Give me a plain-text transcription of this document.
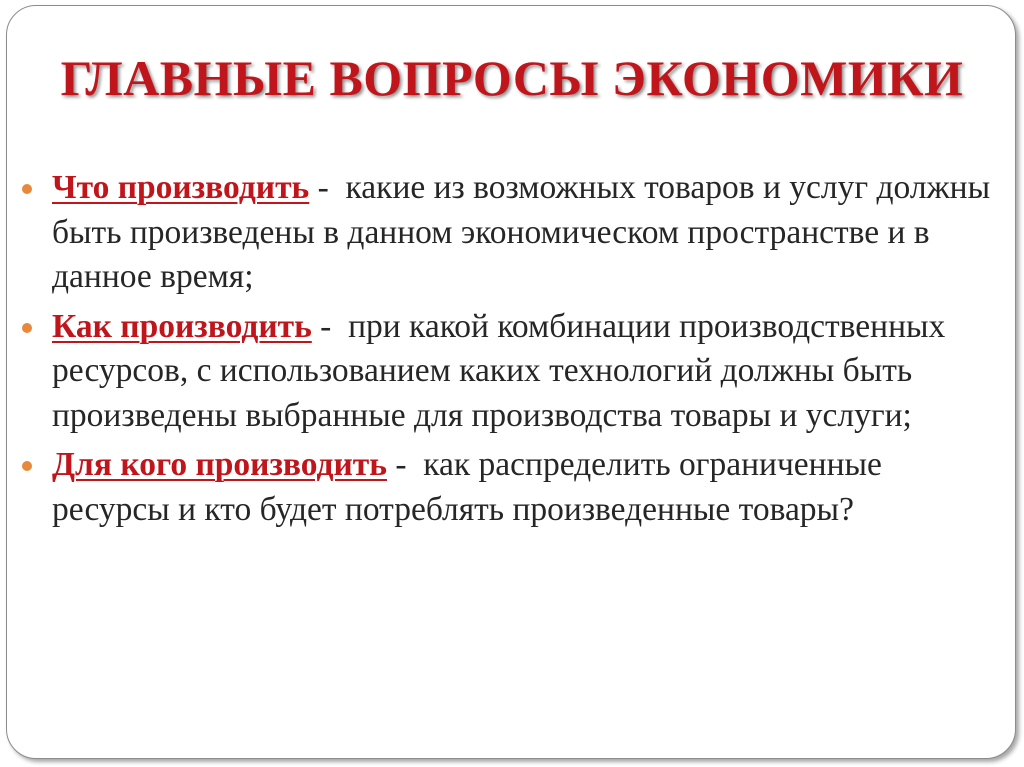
ГЛАВНЫЕ ВОПРОСЫ ЭКОНОМИКИ
Что производить -  какие из возможных товаров и услуг должны быть произведены в данном экономическом пространстве и в данное время;
Как производить -  при какой комбинации производственных ресурсов, с использованием каких технологий должны быть произведены выбранные для производства товары и услуги;
Для кого производить -  как распределить ограниченные ресурсы и кто будет потреблять произведенные товары?
